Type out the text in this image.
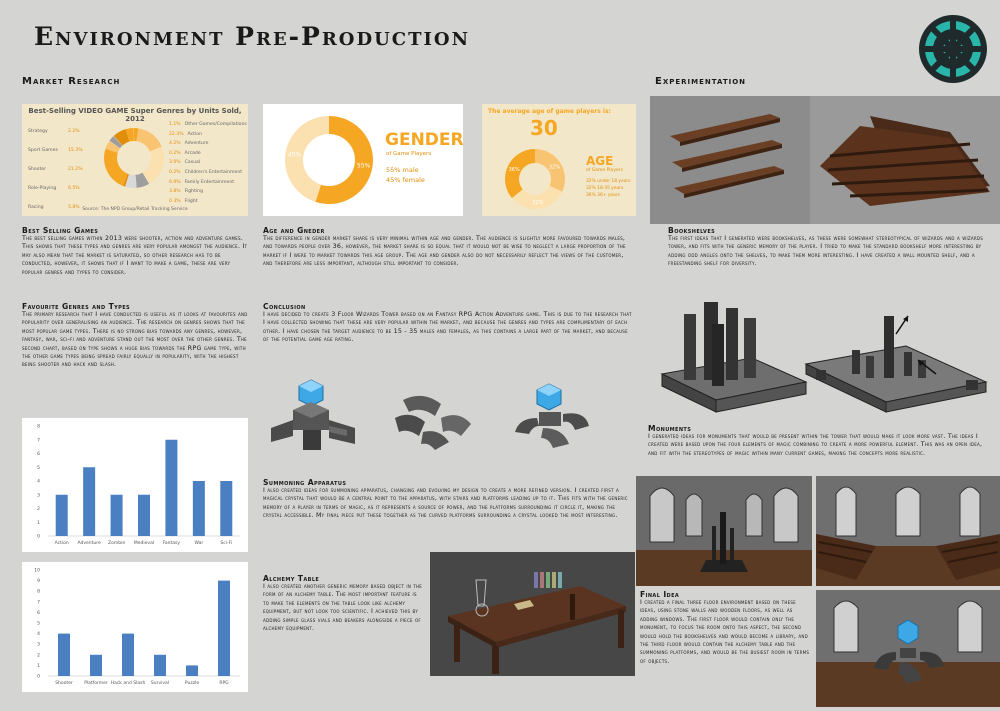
Environment Pre-Production
Market Research	Experimentation
Best-Selling VIDEO GAME Super Genres by Units Sold, 2012
Strategy	2.2%
Sport Games 15.3%
Shooter	21.2%
Role-Playing	6.5%
Racing	5.8%
1.1% Other Games/Compilations
22.3% Action
4.2% Adventure
0.2% Arcade
3.0% Casual
0.2% Children's Entertainment
6.9% Family Entertainment
3.8% Fighting
0.3% Flight
Source: The NPD Group/Retail Tracking Service
55%
45%
GENDER
of Game Players
55% male
45% female
The average age of game players is:
30
32%
32%
36%
AGE
of Game Players
32% under 18 years
32% 18-35 years
36% 36+ years
Best Selling Games
The best selling games within 2013 were shooter, action and adventure games. This shows that these types and genres are very popular amongst the audience. It may also mean that the market is saturated, so other research has to be conducted, however, it shows that if I want to make a game, these are very popular genres and types to consider.
Favourite Genres and Types
The primary research that I have conducted is useful as it looks at favourites and popularity over generalising an audience. The research on genres shows that the most popular game types. There is no strong bias towards any genres, however, fantasy, war, sci-fi and adventure stand out the most over the other genres. The second chart, based on type shows a huge bias towards the RPG game type, with the other game types being spread fairly equally in popularity, with the highest being shooter and hack and slash.
0
1
2
3
4
5
6
7
8
Action Adventure Zombie Medieval Fantasy	War	Sci-Fi
0
1
2
3
4
5
6
7
8
9
10
Shooter	Platformer Hack and Slash Survival	Puzzle	RPG
Age and Gneder
The difference in gender market share is very minimal within age and gender. The audience is slightly more favoured towards males, and towards people over 36, however, the market share is so equal that it would not be wise to neglect a large proportion of the market if I were to market towards this age group. The age and gender also do not necessarily reflect the views of the customer, and therefore are less important, although still important to consider.
Conclusion
I have decided to create 3 Floor Wizards Tower based on an Fantasy RPG Action Adventure game. This is due to the research that I have collected showing that these are very popular within the market, and because the genres and types are complimentary of each other. I have chosen the target audience to be 15 - 35 males and females, as this contains a large part of the market, and because of the potential game age rating.
Summoning Apparatus
I also created ideas for summoning apparatus, changing and evolving my design to create a more refined version. I created first a magical crystal that would be a central point to the apparatus, with stairs and platforms leading up to it. This fits with the generic memory of a player in terms of magic, as it represents a source of power, and the platforms surrounding it circle it, making the crystal accessible. My final piece put these together as the curved platforms surrounding a crystal looked the most interesting.
Alchemy Table
I also created another generic memory based object in the form of an alchemy table. The most important feature is to make the elements on the table look like alchemy equipment, but not look too scientific. I achieved this by adding simple glass vials and beakers alongside a piece of alchemy equipment.
Bookshelves
The first ideas that I generated were bookshelves, as these were somewhat stereotypical of wizards and a wizards tower, and fits with the generic memory of the player. I tried to make the standard bookshelf more interesting by adding odd angles onto the shelves, to make them more interesting. I have created a wall mounted shelf, and a freestanding shelf for diversity.
Monuments
I generated ideas for monuments that would be present within the tower that would make it look more vast. The ideas I created were based upon the four elements of magic combining to create a more powerful element. This was an open idea, and fit with the stereotypes of magic within many current games, making the concepts more realistic.
Final Idea
I created a final three floor environment based on these ideas, using stone walls and wooden floors, as well as adding windows. The first floor would contain only the monument, to focus the room onto this aspect, the second would hold the bookshelves and would become a library, and the third floor would contain the alchemy table and the summoning platforms, and would be the busiest room in terms of objects.
